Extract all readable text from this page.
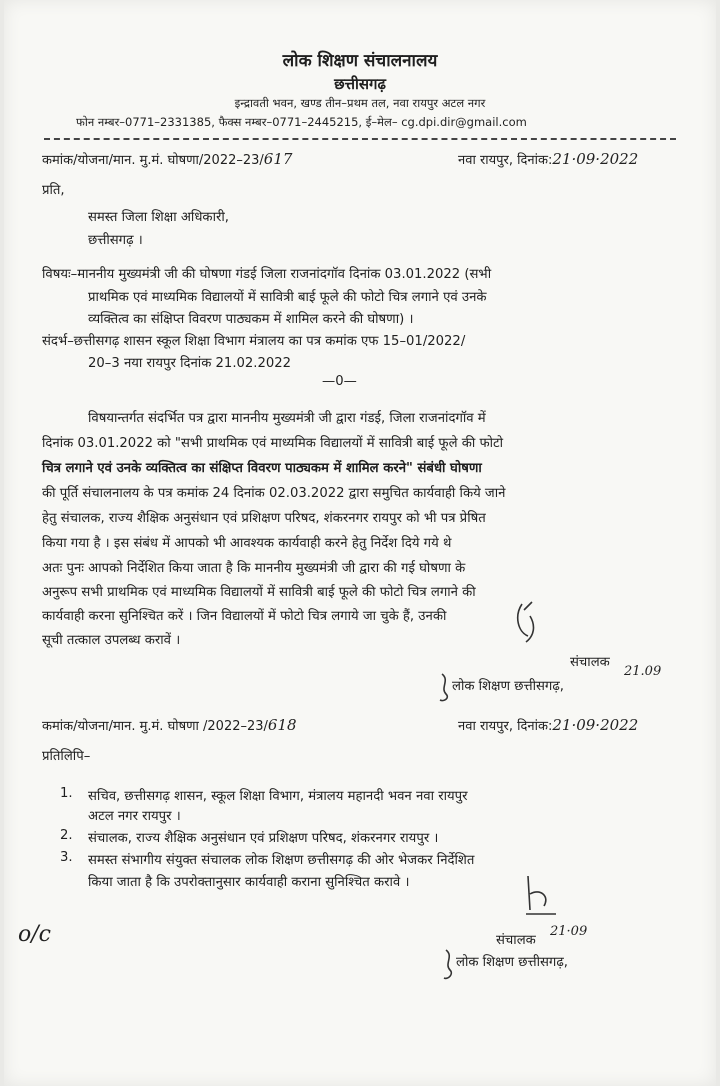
लोक शिक्षण संचालनालय
छत्तीसगढ़
इन्द्रावती भवन, खण्ड तीन–प्रथम तल, नवा रायपुर अटल नगर
फोन नम्बर–0771–2331385, फैक्स नम्बर–0771–2445215, ई–मेल– cg.dpi.dir@gmail.com
कमांक/योजना/मान. मु.मं. घोषणा/2022–23/617	नवा रायपुर, दिनांक:21·09·2022
प्रति,
समस्त जिला शिक्षा अधिकारी,
छत्तीसगढ़ ।
विषयः–माननीय मुख्यमंत्री जी की घोषणा गंडई जिला राजनांदगॉव दिनांक 03.01.2022 (सभी
प्राथमिक एवं माध्यमिक विद्यालयों में सावित्री बाई फूले की फोटो चित्र लगाने एवं उनके
व्यक्तित्व का संक्षिप्त विवरण पाठ्यकम में शामिल करने की घोषणा) ।
संदर्भ–छत्तीसगढ़ शासन स्कूल शिक्षा विभाग मंत्रालय का पत्र कमांक एफ 15–01/2022/
20–3 नया रायपुर दिनांक 21.02.2022
—0—
विषयान्तर्गत संदर्भित पत्र द्वारा माननीय मुख्यमंत्री जी द्वारा गंडई, जिला राजनांदगॉव में
दिनांक 03.01.2022 को "सभी प्राथमिक एवं माध्यमिक विद्यालयों में सावित्री बाई फूले की फोटो
चित्र लगाने एवं उनके व्यक्तित्व का संक्षिप्त विवरण पाठ्यकम में शामिल करने" संबंधी घोषणा
की पूर्ति संचालनालय के पत्र कमांक 24 दिनांक 02.03.2022 द्वारा समुचित कार्यवाही किये जाने
हेतु संचालक, राज्य शैक्षिक अनुसंधान एवं प्रशिक्षण परिषद, शंकरनगर रायपुर को भी पत्र प्रेषित
किया गया है । इस संबंध में आपको भी आवश्यक कार्यवाही करने हेतु निर्देश दिये गये थे
अतः पुनः आपको निर्देशित किया जाता है कि माननीय मुख्यमंत्री जी द्वारा की गई घोषणा के
अनुरूप सभी प्राथमिक एवं माध्यमिक विद्यालयों में सावित्री बाई फूले की फोटो चित्र लगाने की
कार्यवाही करना सुनिश्चित करें । जिन विद्यालयों में फोटो चित्र लगाये जा चुके हैं, उनकी
सूची तत्काल उपलब्ध करावें ।
संचालक
21.09
लोक शिक्षण छत्तीसगढ़,
कमांक/योजना/मान. मु.मं. घोषणा /2022–23/618	नवा रायपुर, दिनांक:21·09·2022
प्रतिलिपि–
1. सचिव, छत्तीसगढ़ शासन, स्कूल शिक्षा विभाग, मंत्रालय महानदी भवन नवा रायपुर
अटल नगर रायपुर ।
2. संचालक, राज्य शैक्षिक अनुसंधान एवं प्रशिक्षण परिषद, शंकरनगर रायपुर ।
3. समस्त संभागीय संयुक्त संचालक लोक शिक्षण छत्तीसगढ़ की ओर भेजकर निर्देशित
किया जाता है कि उपरोक्तानुसार कार्यवाही कराना सुनिश्चित करावे ।
o/c	संचालक
21·09
लोक शिक्षण छत्तीसगढ़,
